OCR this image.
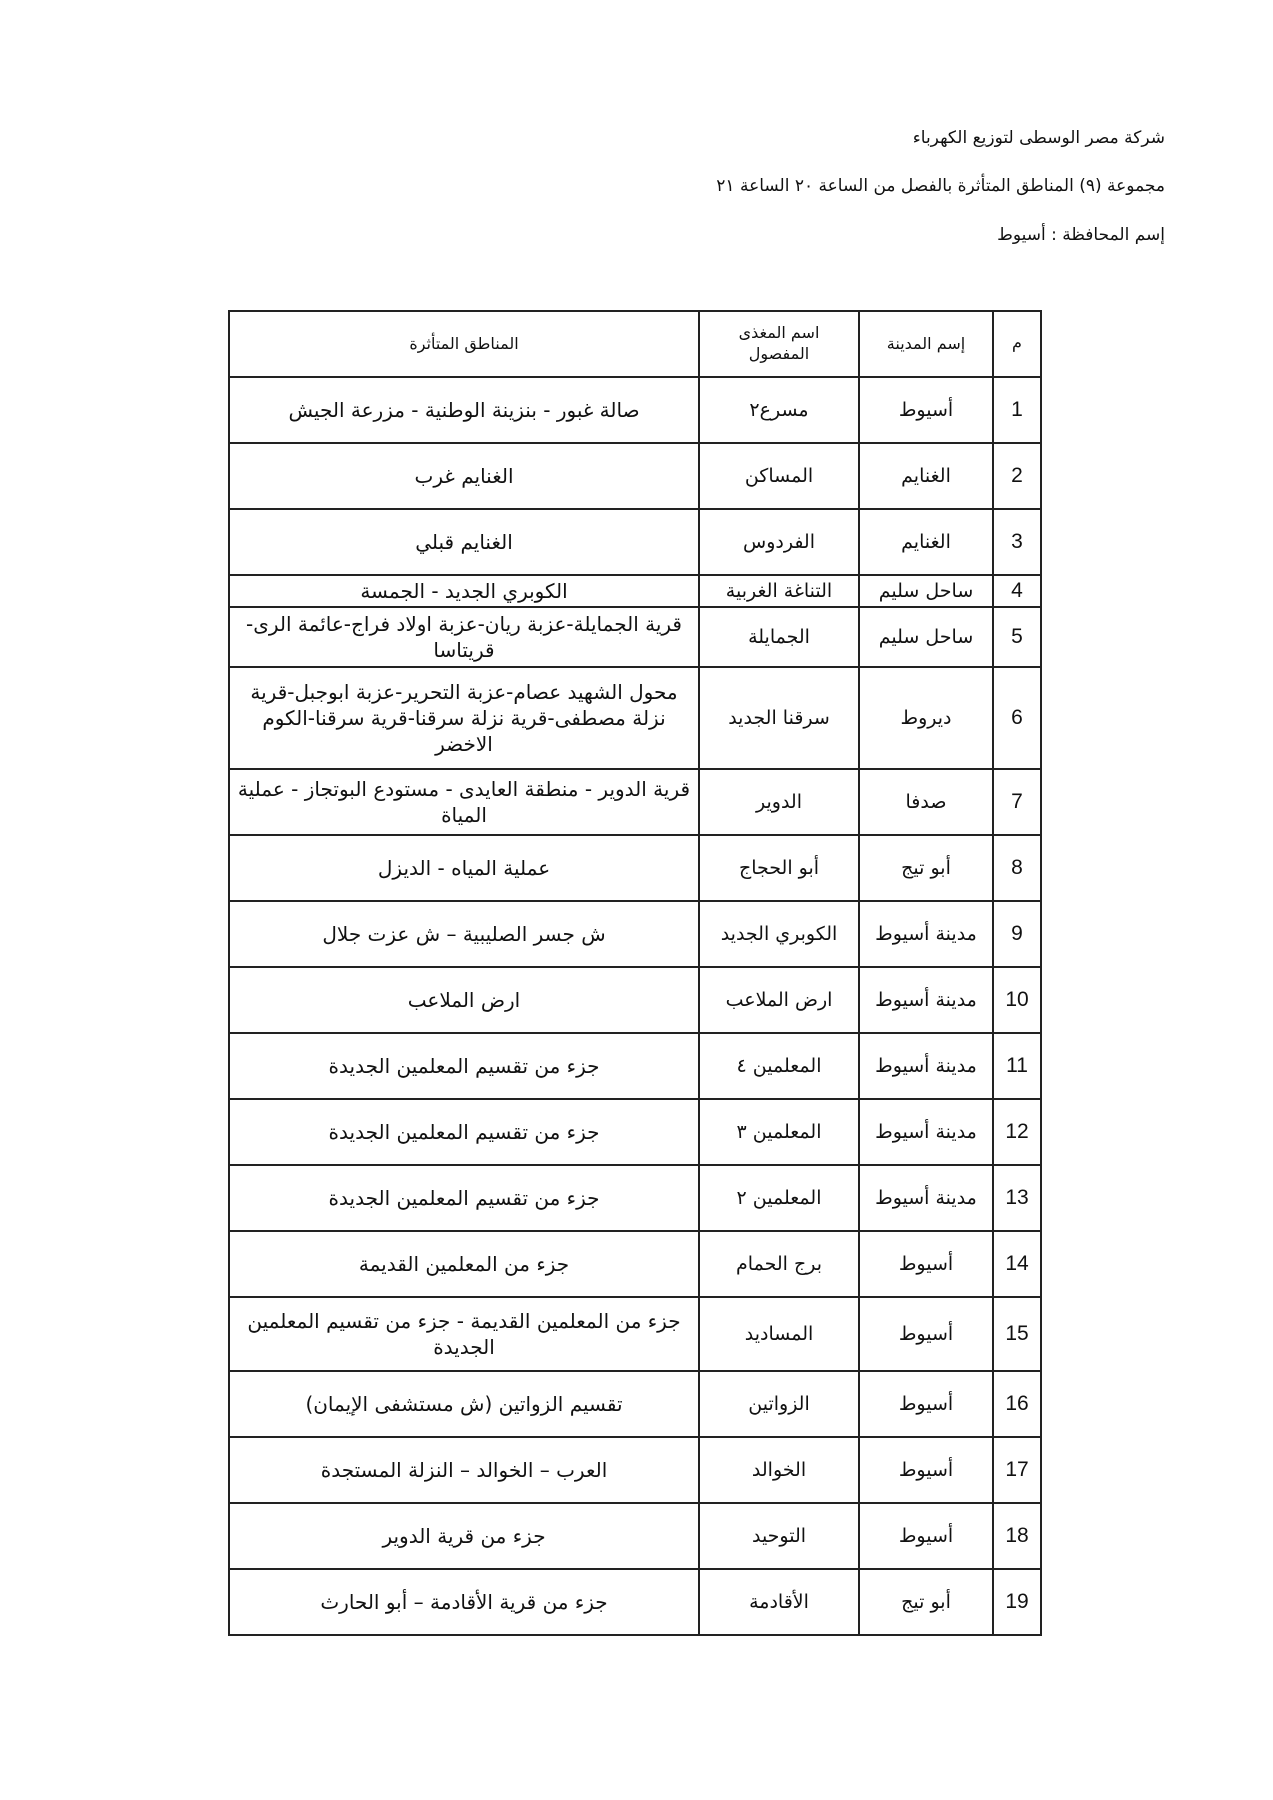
شركة مصر الوسطى لتوزيع الكهرباء
مجموعة (٩) المناطق المتأثرة بالفصل من الساعة ٢٠ الساعة ٢١
إسم المحافظة : أسيوط
م
إسم المدينة
اسم المغذى المفصول
المناطق المتأثرة
1
أسيوط
مسرع٢
صالة غبور - بنزينة الوطنية - مزرعة الجيش
2
الغنايم
المساكن
الغنايم غرب
3
الغنايم
الفردوس
الغنايم قبلي
4
ساحل سليم
التناغة الغربية
الكوبري الجديد - الجمسة
5
ساحل سليم
الجمايلة
قرية الجمايلة-عزبة ريان-عزبة اولاد فراج-عائمة الرى-قريتاسا
6
ديروط
سرقنا الجديد
محول الشهيد عصام-عزبة التحرير-عزبة ابوجبل-قرية نزلة مصطفى-قرية نزلة سرقنا-قرية سرقنا-الكوم الاخضر
7
صدفا
الدوير
قرية الدوير - منطقة العايدى - مستودع البوتجاز - عملية المياة
8
أبو تيج
أبو الحجاج
عملية المياه - الديزل
9
مدينة أسيوط
الكوبري الجديد
ش جسر الصليبية – ش عزت جلال
10
مدينة أسيوط
ارض الملاعب
ارض الملاعب
11
مدينة أسيوط
المعلمين ٤
جزء من تقسيم المعلمين الجديدة
12
مدينة أسيوط
المعلمين ٣
جزء من تقسيم المعلمين الجديدة
13
مدينة أسيوط
المعلمين ٢
جزء من تقسيم المعلمين الجديدة
14
أسيوط
برج الحمام
جزء من المعلمين القديمة
15
أسيوط
المساديد
جزء من المعلمين القديمة - جزء من تقسيم المعلمين الجديدة
16
أسيوط
الزواتين
تقسيم الزواتين (ش مستشفى الإيمان)
17
أسيوط
الخوالد
العرب – الخوالد – النزلة المستجدة
18
أسيوط
التوحيد
جزء من قرية الدوير
19
أبو تيج
الأقادمة
جزء من قرية الأقادمة – أبو الحارث
